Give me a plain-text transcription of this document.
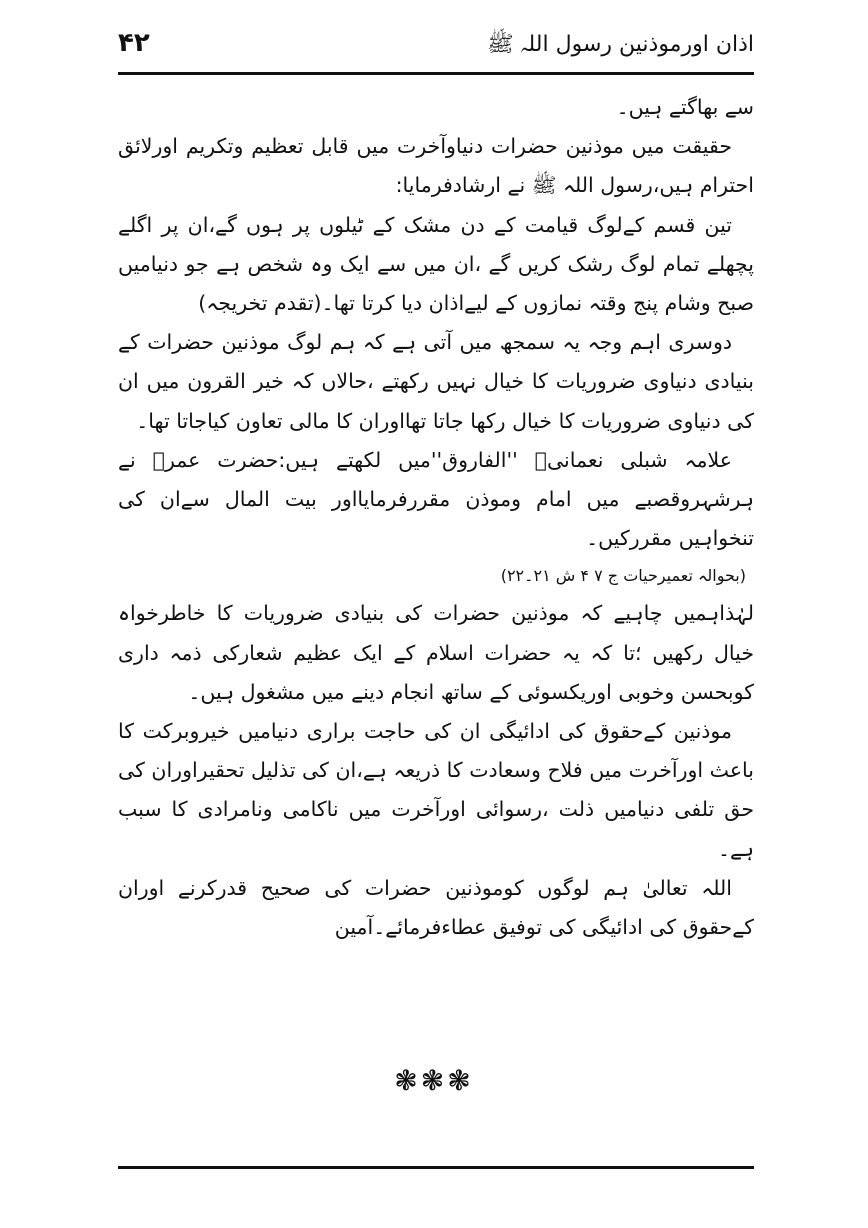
اذان اورموذنین رسول اللہ ﷺ
۴۲

سے بھاگتے ہیں۔

حقیقت میں موذنین حضرات دنیاوآخرت میں قابل تعظیم وتکریم اورلائق احترام ہیں،رسول اللہ ﷺ نے ارشادفرمایا:

تین قسم کےلوگ قیامت کے دن مشک کے ٹیلوں پر ہوں گے،ان پر اگلے پچھلے تمام لوگ رشک کریں گے ،ان میں سے ایک وہ شخص ہے جو دنیامیں صبح وشام پنج وقتہ نمازوں کے لیےاذان دیا کرتا تھا۔(تقدم تخریجہ)

دوسری اہم وجہ یہ سمجھ میں آتی ہے کہ ہم لوگ موذنین حضرات کے بنیادی دنیاوی ضروریات کا خیال نہیں رکھتے ،حالاں کہ خیر القرون میں ان کی دنیاوی ضروریات کا خیال رکھا جاتا تھااوران کا مالی تعاون کیاجاتا تھا۔

علامہ شبلی نعمانیؒ ''الفاروق''میں لکھتے ہیں:حضرت عمرؓ نے ہرشہروقصبے میں امام وموذن مقررفرمایااور بیت المال سےان کی تنخواہیں مقررکیں۔

(بحوالہ تعمیرحیات ج ۷ ۴ ش ۲۱۔۲۲)

لہٰذاہمیں چاہیے کہ موذنین حضرات کی بنیادی ضروریات کا خاطرخواہ خیال رکھیں ؛تا کہ یہ حضرات اسلام کے ایک عظیم شعارکی ذمہ داری کوبحسن وخوبی اوریکسوئی کے ساتھ انجام دینے میں مشغول ہیں۔

موذنین کےحقوق کی ادائیگی ان کی حاجت براری دنیامیں خیروبرکت کا باعث اورآخرت میں فلاح وسعادت کا ذریعہ ہے،ان کی تذلیل تحقیراوران کی حق تلفی دنیامیں ذلت ،رسوائی اورآخرت میں ناکامی ونامرادی کا سبب ہے۔

اللہ تعالیٰ ہم لوگوں کوموذنین حضرات کی صحیح قدرکرنے اوران کےحقوق کی ادائیگی کی توفیق عطاءفرمائے۔آمین

❃❃❃
